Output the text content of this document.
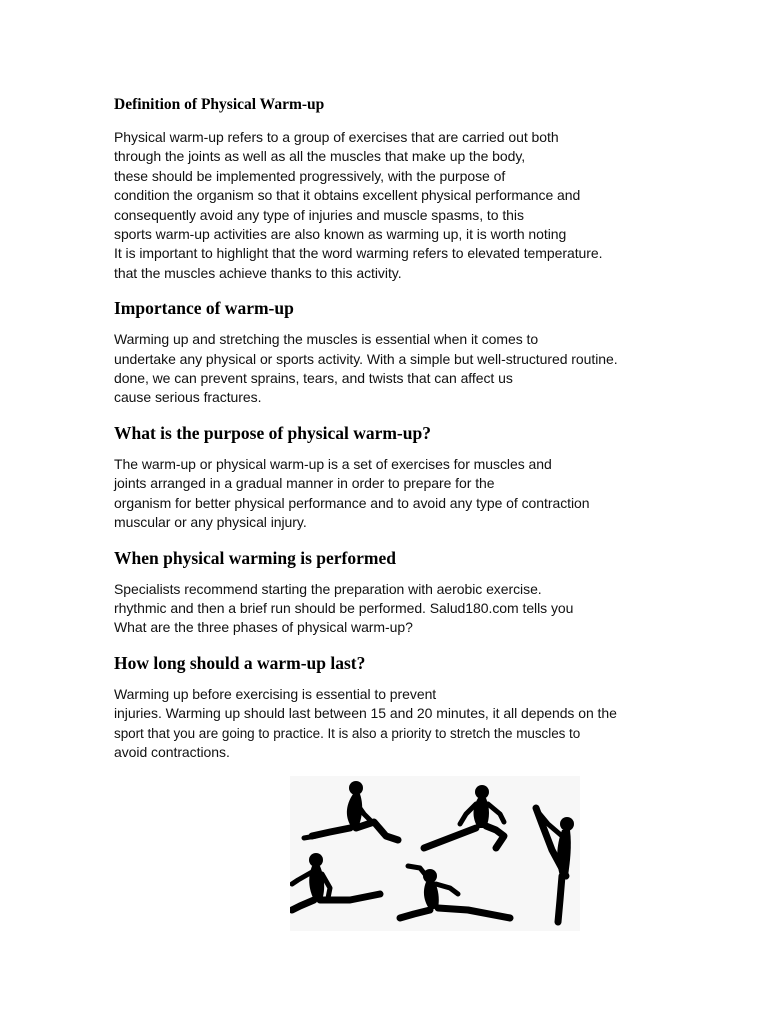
Definition of Physical Warm-up

Physical warm-up refers to a group of exercises that are carried out both
through the joints as well as all the muscles that make up the body,
these should be implemented progressively, with the purpose of
condition the organism so that it obtains excellent physical performance and
consequently avoid any type of injuries and muscle spasms, to this
sports warm-up activities are also known as warming up, it is worth noting
It is important to highlight that the word warming refers to elevated temperature.
that the muscles achieve thanks to this activity.

Importance of warm-up

Warming up and stretching the muscles is essential when it comes to
undertake any physical or sports activity. With a simple but well-structured routine.
done, we can prevent sprains, tears, and twists that can affect us
cause serious fractures.

What is the purpose of physical warm-up?

The warm-up or physical warm-up is a set of exercises for muscles and
joints arranged in a gradual manner in order to prepare for the
organism for better physical performance and to avoid any type of contraction
muscular or any physical injury.

When physical warming is performed

Specialists recommend starting the preparation with aerobic exercise.
rhythmic and then a brief run should be performed. Salud180.com tells you
What are the three phases of physical warm-up?

How long should a warm-up last?

Warming up before exercising is essential to prevent
injuries. Warming up should last between 15 and 20 minutes, it all depends on the
sport that you are going to practice. It is also a priority to stretch the muscles to
avoid contractions.
